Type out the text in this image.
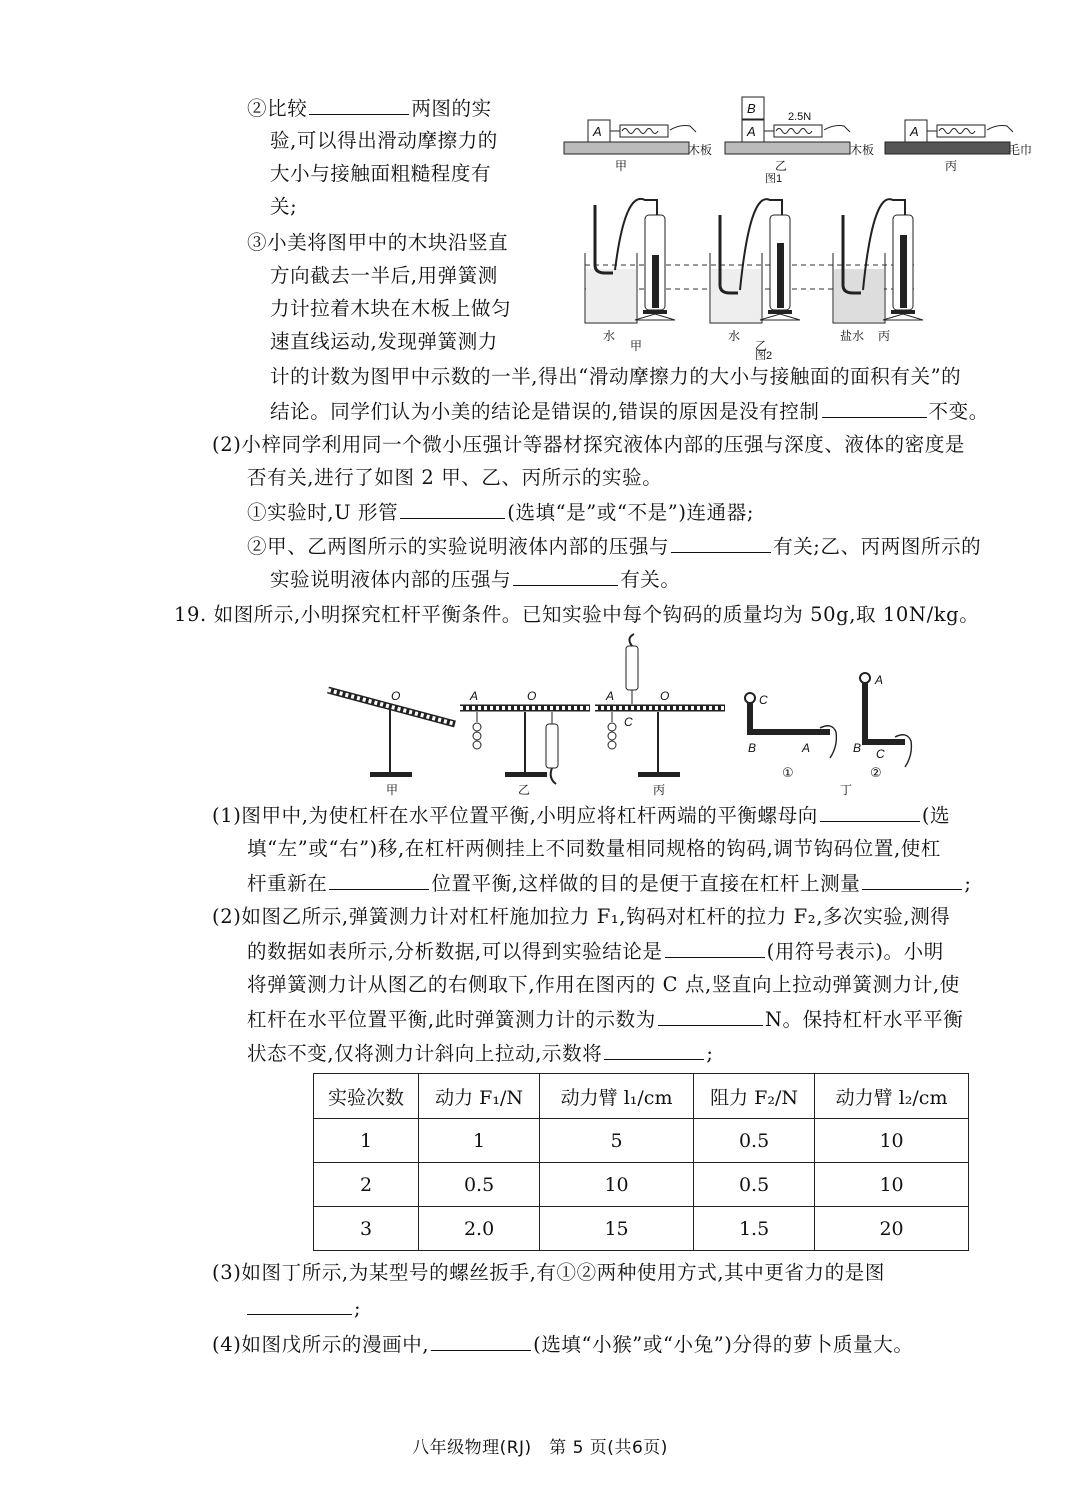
②比较	两图的实
验,可以得出滑动摩擦力的
大小与接触面粗糙程度有
关;
③小美将图甲中的木块沿竖直
方向截去一半后,用弹簧测
力计拉着木块在木板上做匀
速直线运动,发现弹簧测力
计的计数为图甲中示数的一半,得出“滑动摩擦力的大小与接触面的面积有关”的
结论。同学们认为小美的结论是错误的,错误的原因是没有控制	不变。
(2)小梓同学利用同一个微小压强计等器材探究液体内部的压强与深度、液体的密度是
否有关,进行了如图 2 甲、乙、丙所示的实验。
①实验时,U 形管	(选填“是”或“不是”)连通器;
②甲、乙两图所示的实验说明液体内部的压强与	有关;乙、丙两图所示的
实验说明液体内部的压强与	有关。
A
木板
甲
A
B
2.5N
木板
乙
A
毛巾
丙
图1
水
甲
水
乙
盐水 丙
图2
19. 如图所示,小明探究杠杆平衡条件。已知实验中每个钩码的质量均为 50g,取 10N/kg。
O
甲
A	O
乙
A	O
C
丙
C
B	A
①
A
B C
②
丁
(1)图甲中,为使杠杆在水平位置平衡,小明应将杠杆两端的平衡螺母向	(选
填“左”或“右”)移,在杠杆两侧挂上不同数量相同规格的钩码,调节钩码位置,使杠
杆重新在	位置平衡,这样做的目的是便于直接在杠杆上测量	;
(2)如图乙所示,弹簧测力计对杠杆施加拉力 F₁,钩码对杠杆的拉力 F₂,多次实验,测得
的数据如表所示,分析数据,可以得到实验结论是	(用符号表示)。小明
将弹簧测力计从图乙的右侧取下,作用在图丙的 C 点,竖直向上拉动弹簧测力计,使
杠杆在水平位置平衡,此时弹簧测力计的示数为	N。保持杠杆水平平衡
状态不变,仅将测力计斜向上拉动,示数将	;
实验次数	动力 F₁/N	动力臂 l₁/cm	阻力 F₂/N	动力臂 l₂/cm
1	1	5	0.5	10
2	0.5	10	0.5	10
3	2.0	15	1.5	20
(3)如图丁所示,为某型号的螺丝扳手,有①②两种使用方式,其中更省力的是图
;
(4)如图戊所示的漫画中,	(选填“小猴”或“小兔”)分得的萝卜质量大。
八年级物理(RJ)　第 5 页(共6页)
